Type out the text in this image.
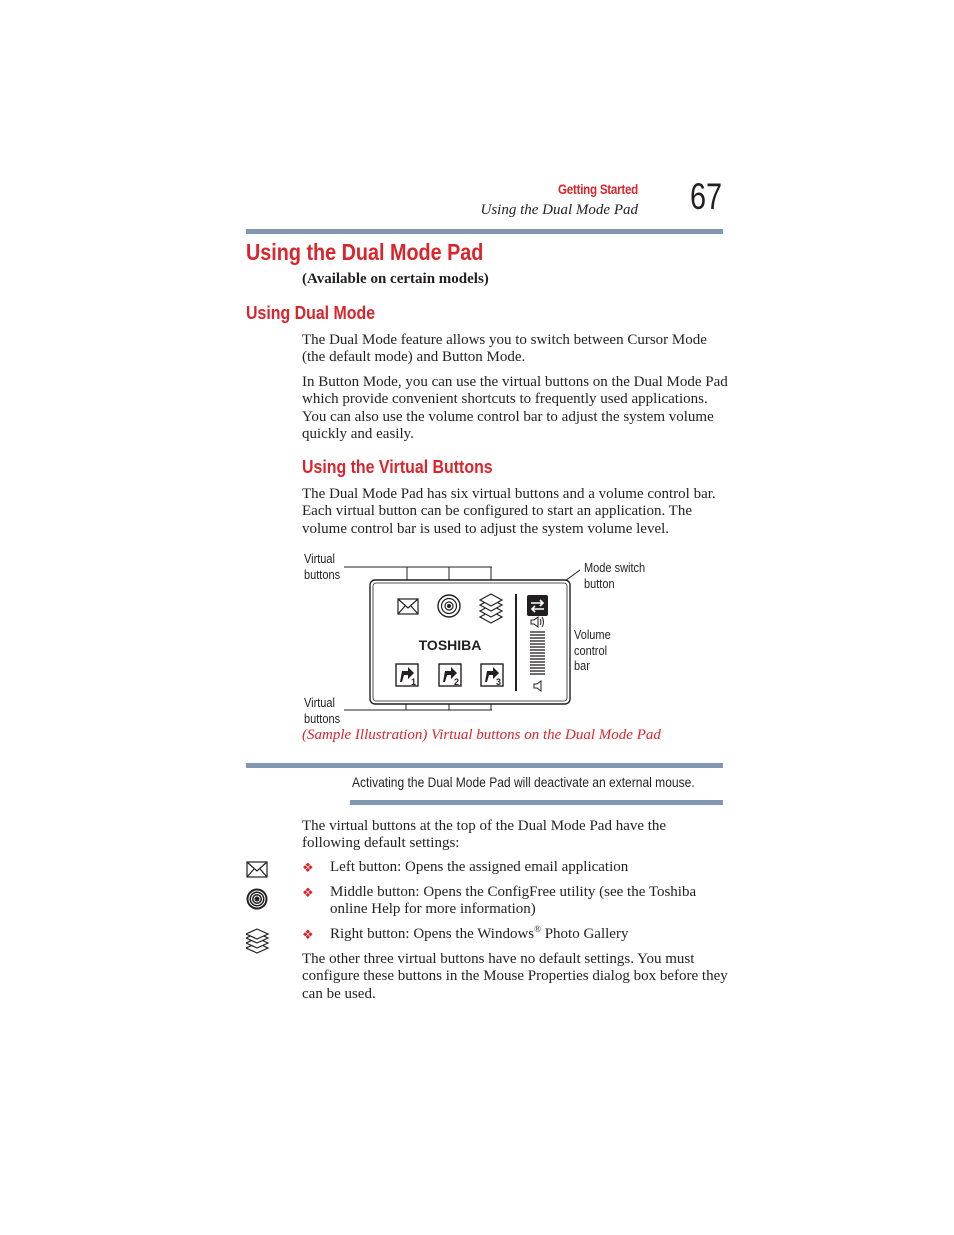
Getting Started
Using the Dual Mode Pad 67
Using the Dual Mode Pad
(Available on certain models)
Using Dual Mode
The Dual Mode feature allows you to switch between Cursor Mode (the default mode) and Button Mode.
In Button Mode, you can use the virtual buttons on the Dual Mode Pad which provide convenient shortcuts to frequently used applications. You can also use the volume control bar to adjust the system volume quickly and easily.
Using the Virtual Buttons
The Dual Mode Pad has six virtual buttons and a volume control bar. Each virtual button can be configured to start an application. The volume control bar is used to adjust the system volume level.
Virtual
buttons
Virtual
buttons
Mode switch
button
Volume
control
bar
TOSHIBA
1	2	3
(Sample Illustration) Virtual buttons on the Dual Mode Pad
Activating the Dual Mode Pad will deactivate an external mouse.
The virtual buttons at the top of the Dual Mode Pad have the following default settings:
❖ Left button: Opens the assigned email application
❖ Middle button: Opens the ConfigFree utility (see the Toshiba online Help for more information)
❖ Right button: Opens the Windows® Photo Gallery
The other three virtual buttons have no default settings. You must configure these buttons in the Mouse Properties dialog box before they can be used.
